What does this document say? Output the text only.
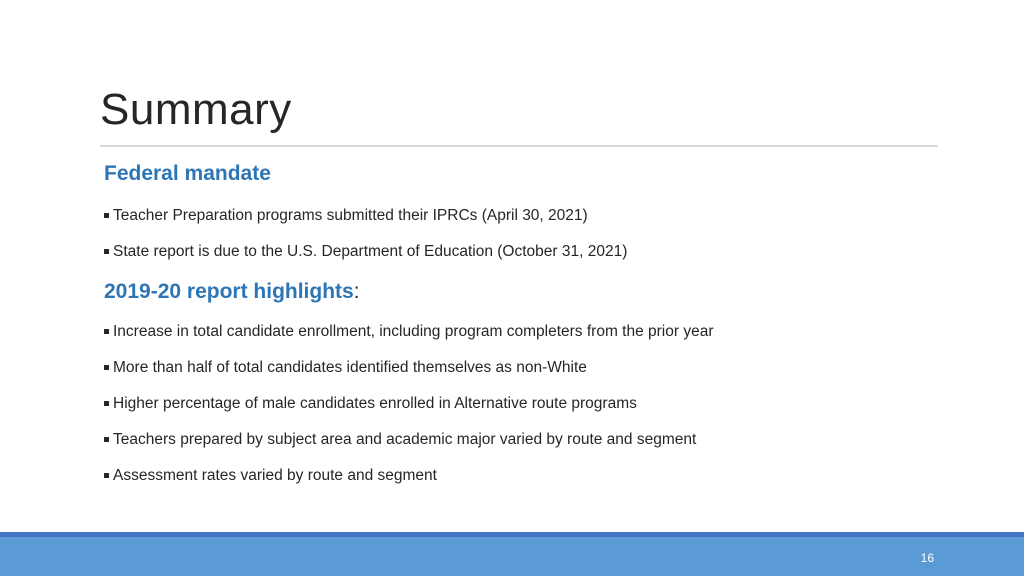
Summary
Federal mandate
Teacher Preparation programs submitted their IPRCs (April 30, 2021)
State report is due to the U.S. Department of Education (October 31, 2021)
2019-20 report highlights:
Increase in total candidate enrollment, including program completers from the prior year
More than half of total candidates identified themselves as non-White
Higher percentage of male candidates enrolled in Alternative route programs
Teachers prepared by subject area and academic major varied by route and segment
Assessment rates varied by route and segment
16
